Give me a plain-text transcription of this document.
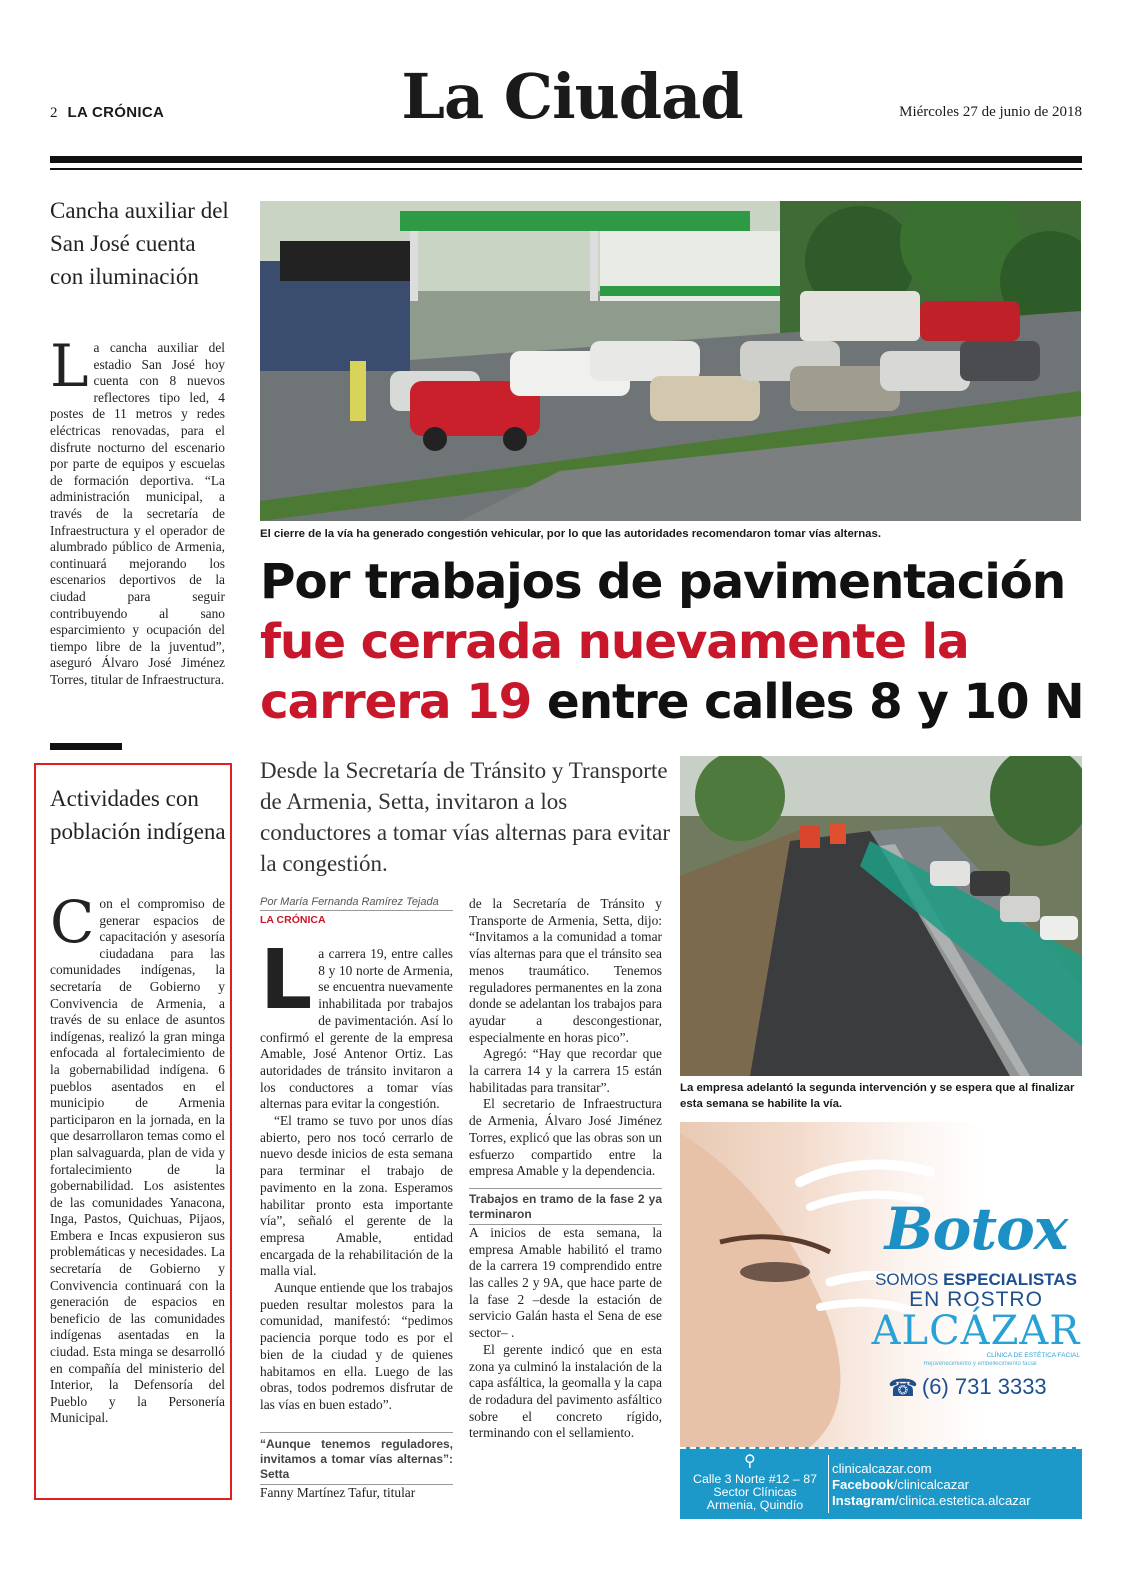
2 LA CRÓNICA	La Ciudad	Miércoles 27 de junio de 2018
Cancha auxiliar del San José cuenta con iluminación
La cancha auxiliar del estadio San José hoy cuenta con 8 nuevos reflectores tipo led, 4 postes de 11 metros y redes eléctricas renovadas, para el disfrute nocturno del escenario por parte de equipos y escuelas de formación deportiva. “La administración municipal, a través de la secretaría de Infraestructura y el operador de alumbrado público de Armenia, continuará mejorando los escenarios deportivos de la ciudad para seguir contribuyendo al sano esparcimiento y ocupación del tiempo libre de la juventud”, aseguró Álvaro José Jiménez Torres, titular de Infraestructura.
Actividades con población indígena
Con el compromiso de generar espacios de capacitación y asesoría ciudadana para las comunidades indígenas, la secretaría de Gobierno y Convivencia de Armenia, a través de su enlace de asuntos indígenas, realizó la gran minga enfocada al fortalecimiento de la gobernabilidad indígena. 6 pueblos asentados en el municipio de Armenia participaron en la jornada, en la que desarrollaron temas como el plan salvaguarda, plan de vida y fortalecimiento de la gobernabilidad. Los asistentes de las comunidades Yanacona, Inga, Pastos, Quichuas, Pijaos, Embera e Incas expusieron sus problemáticas y necesidades. La secretaría de Gobierno y Convivencia continuará con la generación de espacios en beneficio de las comunidades indígenas asentadas en la ciudad. Esta minga se desarrolló en compañía del ministerio del Interior, la Defensoría del Pueblo y la Personería Municipal.
El cierre de la vía ha generado congestión vehicular, por lo que las autoridades recomendaron tomar vías alternas.
Por trabajos de pavimentación
fue cerrada nuevamente la
carrera 19 entre calles 8 y 10 N
Desde la Secretaría de Tránsito y Transporte de Armenia, Setta, invitaron a los conductores a tomar vías alternas para evitar la congestión.
Por María Fernanda Ramírez Tejada
LA CRÓNICA

La carrera 19, entre calles 8 y 10 norte de Armenia, se encuentra nuevamente inhabilitada por trabajos de pavimentación. Así lo confirmó el gerente de la empresa Amable, José Antenor Ortiz. Las autoridades de tránsito invitaron a los conductores a tomar vías alternas para evitar la congestión.

“El tramo se tuvo por unos días abierto, pero nos tocó cerrarlo de nuevo desde inicios de esta semana para terminar el trabajo de pavimento en la zona. Esperamos habilitar pronto esta importante vía”, señaló el gerente de la empresa Amable, entidad encargada de la rehabilitación de la malla vial.

Aunque entiende que los trabajos pueden resultar molestos para la comunidad, manifestó: “pedimos paciencia porque todo es por el bien de la ciudad y de quienes habitamos en ella. Luego de las obras, todos podremos disfrutar de las vías en buen estado”.

“Aunque tenemos reguladores, invitamos a tomar vías alternas”: Setta

Fanny Martínez Tafur, titular

de la Secretaría de Tránsito y Transporte de Armenia, Setta, dijo: “Invitamos a la comunidad a tomar vías alternas para que el tránsito sea menos traumático. Tenemos reguladores permanentes en la zona donde se adelantan los trabajos para ayudar a descongestionar, especialmente en horas pico”.

Agregó: “Hay que recordar que la carrera 14 y la carrera 15 están habilitadas para transitar”.

El secretario de Infraestructura de Armenia, Álvaro José Jiménez Torres, explicó que las obras son un esfuerzo compartido entre la empresa Amable y la dependencia.

Trabajos en tramo de la fase 2 ya terminaron

A inicios de esta semana, la empresa Amable habilitó el tramo de la carrera 19 comprendido entre las calles 2 y 9A, que hace parte de la fase 2 –desde la estación de servicio Galán hasta el Sena de ese sector– .

El gerente indicó que en esta zona ya culminó la instalación de la capa asfáltica, la geomalla y la capa de rodadura del pavimento asfáltico sobre el concreto rígido, terminando con el sellamiento.

La empresa adelantó la segunda intervención y se espera que al finalizar esta semana se habilite la vía.
Botox
SOMOS ESPECIALISTAS
EN ROSTRO
ALCÁZAR
CLÍNICA DE ESTÉTICA FACIAL
Rejuvenecimiento y embellecimiento facial
☎ (6) 731 3333
⚲
Calle 3 Norte #12 – 87
Sector Clínicas
Armenia, Quindío
clinicalcazar.com
Facebook/clinicalcazar
Instagram/clinica.estetica.alcazar
